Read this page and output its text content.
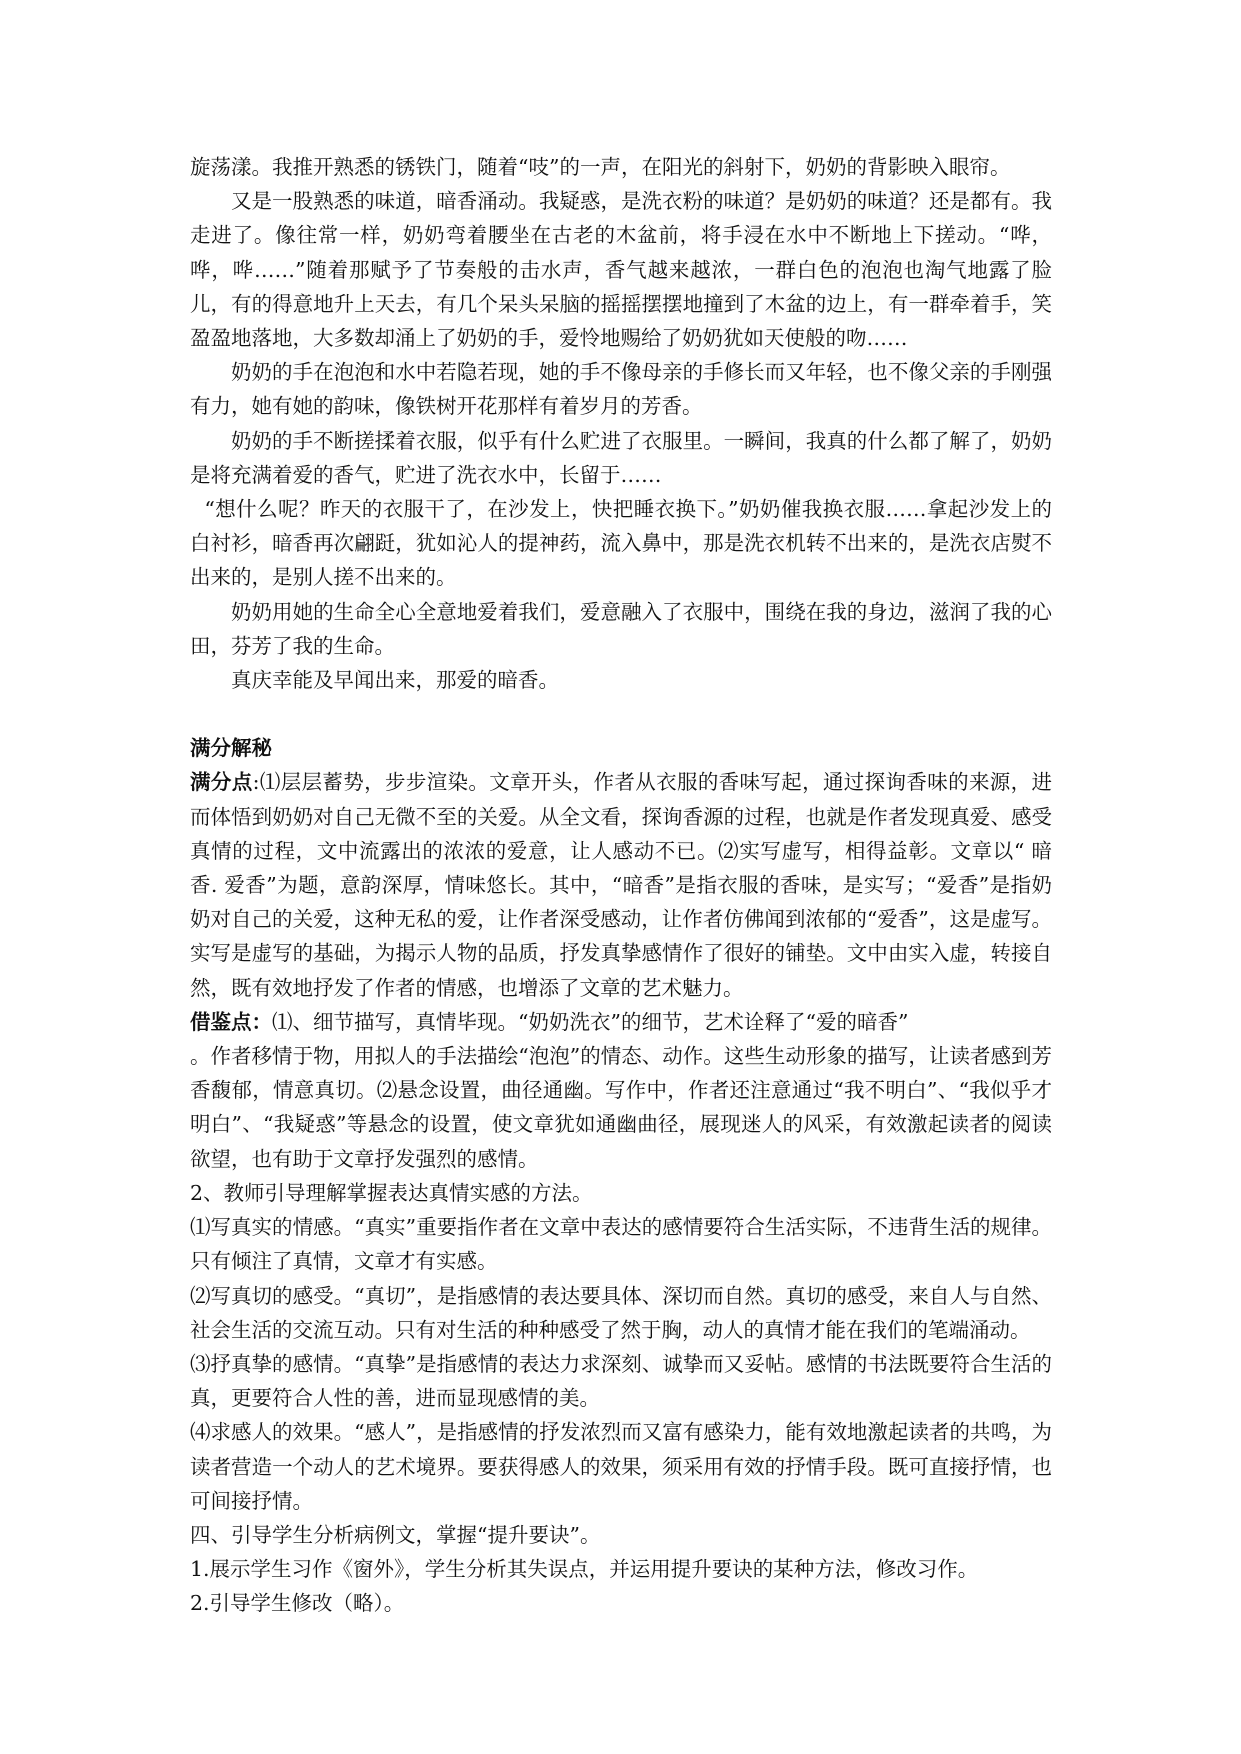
旋荡漾。我推开熟悉的锈铁门，随着“吱”的一声，在阳光的斜射下，奶奶的背影映入眼帘。

又是一股熟悉的味道，暗香涌动。我疑惑，是洗衣粉的味道？是奶奶的味道？还是都有。我走进了。像往常一样，奶奶弯着腰坐在古老的木盆前，将手浸在水中不断地上下搓动。“哗，哗，哗……”随着那赋予了节奏般的击水声，香气越来越浓，一群白色的泡泡也淘气地露了脸儿，有的得意地升上天去，有几个呆头呆脑的摇摇摆摆地撞到了木盆的边上，有一群牵着手，笑盈盈地落地，大多数却涌上了奶奶的手，爱怜地赐给了奶奶犹如天使般的吻……

奶奶的手在泡泡和水中若隐若现，她的手不像母亲的手修长而又年轻，也不像父亲的手刚强有力，她有她的韵味，像铁树开花那样有着岁月的芳香。

奶奶的手不断搓揉着衣服，似乎有什么贮进了衣服里。一瞬间，我真的什么都了解了，奶奶是将充满着爱的香气，贮进了洗衣水中，长留于……

“想什么呢？昨天的衣服干了，在沙发上，快把睡衣换下。”奶奶催我换衣服……拿起沙发上的白衬衫，暗香再次翩跹，犹如沁人的提神药，流入鼻中，那是洗衣机转不出来的，是洗衣店熨不出来的，是别人搓不出来的。

奶奶用她的生命全心全意地爱着我们，爱意融入了衣服中，围绕在我的身边，滋润了我的心田，芬芳了我的生命。

真庆幸能及早闻出来，那爱的暗香。

满分解秘

满分点:⑴层层蓄势，步步渲染。文章开头，作者从衣服的香味写起，通过探询香味的来源，进而体悟到奶奶对自己无微不至的关爱。从全文看，探询香源的过程，也就是作者发现真爱、感受真情的过程，文中流露出的浓浓的爱意，让人感动不已。⑵实写虚写，相得益彰。文章以“ 暗香. 爱香”为题，意韵深厚，情味悠长。其中，“暗香”是指衣服的香味，是实写；“爱香”是指奶奶对自己的关爱，这种无私的爱，让作者深受感动，让作者仿佛闻到浓郁的“爱香”，这是虚写。实写是虚写的基础，为揭示人物的品质，抒发真挚感情作了很好的铺垫。文中由实入虚，转接自然，既有效地抒发了作者的情感，也增添了文章的艺术魅力。

借鉴点：⑴、细节描写，真情毕现。“奶奶洗衣”的细节，艺术诠释了“爱的暗香”

。作者移情于物，用拟人的手法描绘“泡泡”的情态、动作。这些生动形象的描写，让读者感到芳香馥郁，情意真切。⑵悬念设置，曲径通幽。写作中，作者还注意通过“我不明白”、“我似乎才明白”、“我疑惑”等悬念的设置，使文章犹如通幽曲径，展现迷人的风采，有效激起读者的阅读欲望，也有助于文章抒发强烈的感情。

2、教师引导理解掌握表达真情实感的方法。

⑴写真实的情感。“真实”重要指作者在文章中表达的感情要符合生活实际，不违背生活的规律。只有倾注了真情，文章才有实感。

⑵写真切的感受。“真切”，是指感情的表达要具体、深切而自然。真切的感受，来自人与自然、社会生活的交流互动。只有对生活的种种感受了然于胸，动人的真情才能在我们的笔端涌动。

⑶抒真挚的感情。“真挚”是指感情的表达力求深刻、诚挚而又妥帖。感情的书法既要符合生活的真，更要符合人性的善，进而显现感情的美。

⑷求感人的效果。“感人”，是指感情的抒发浓烈而又富有感染力，能有效地激起读者的共鸣，为读者营造一个动人的艺术境界。要获得感人的效果，须采用有效的抒情手段。既可直接抒情，也可间接抒情。

四、引导学生分析病例文，掌握“提升要诀”。

1.展示学生习作《窗外》，学生分析其失误点，并运用提升要诀的某种方法，修改习作。

2.引导学生修改（略）。
